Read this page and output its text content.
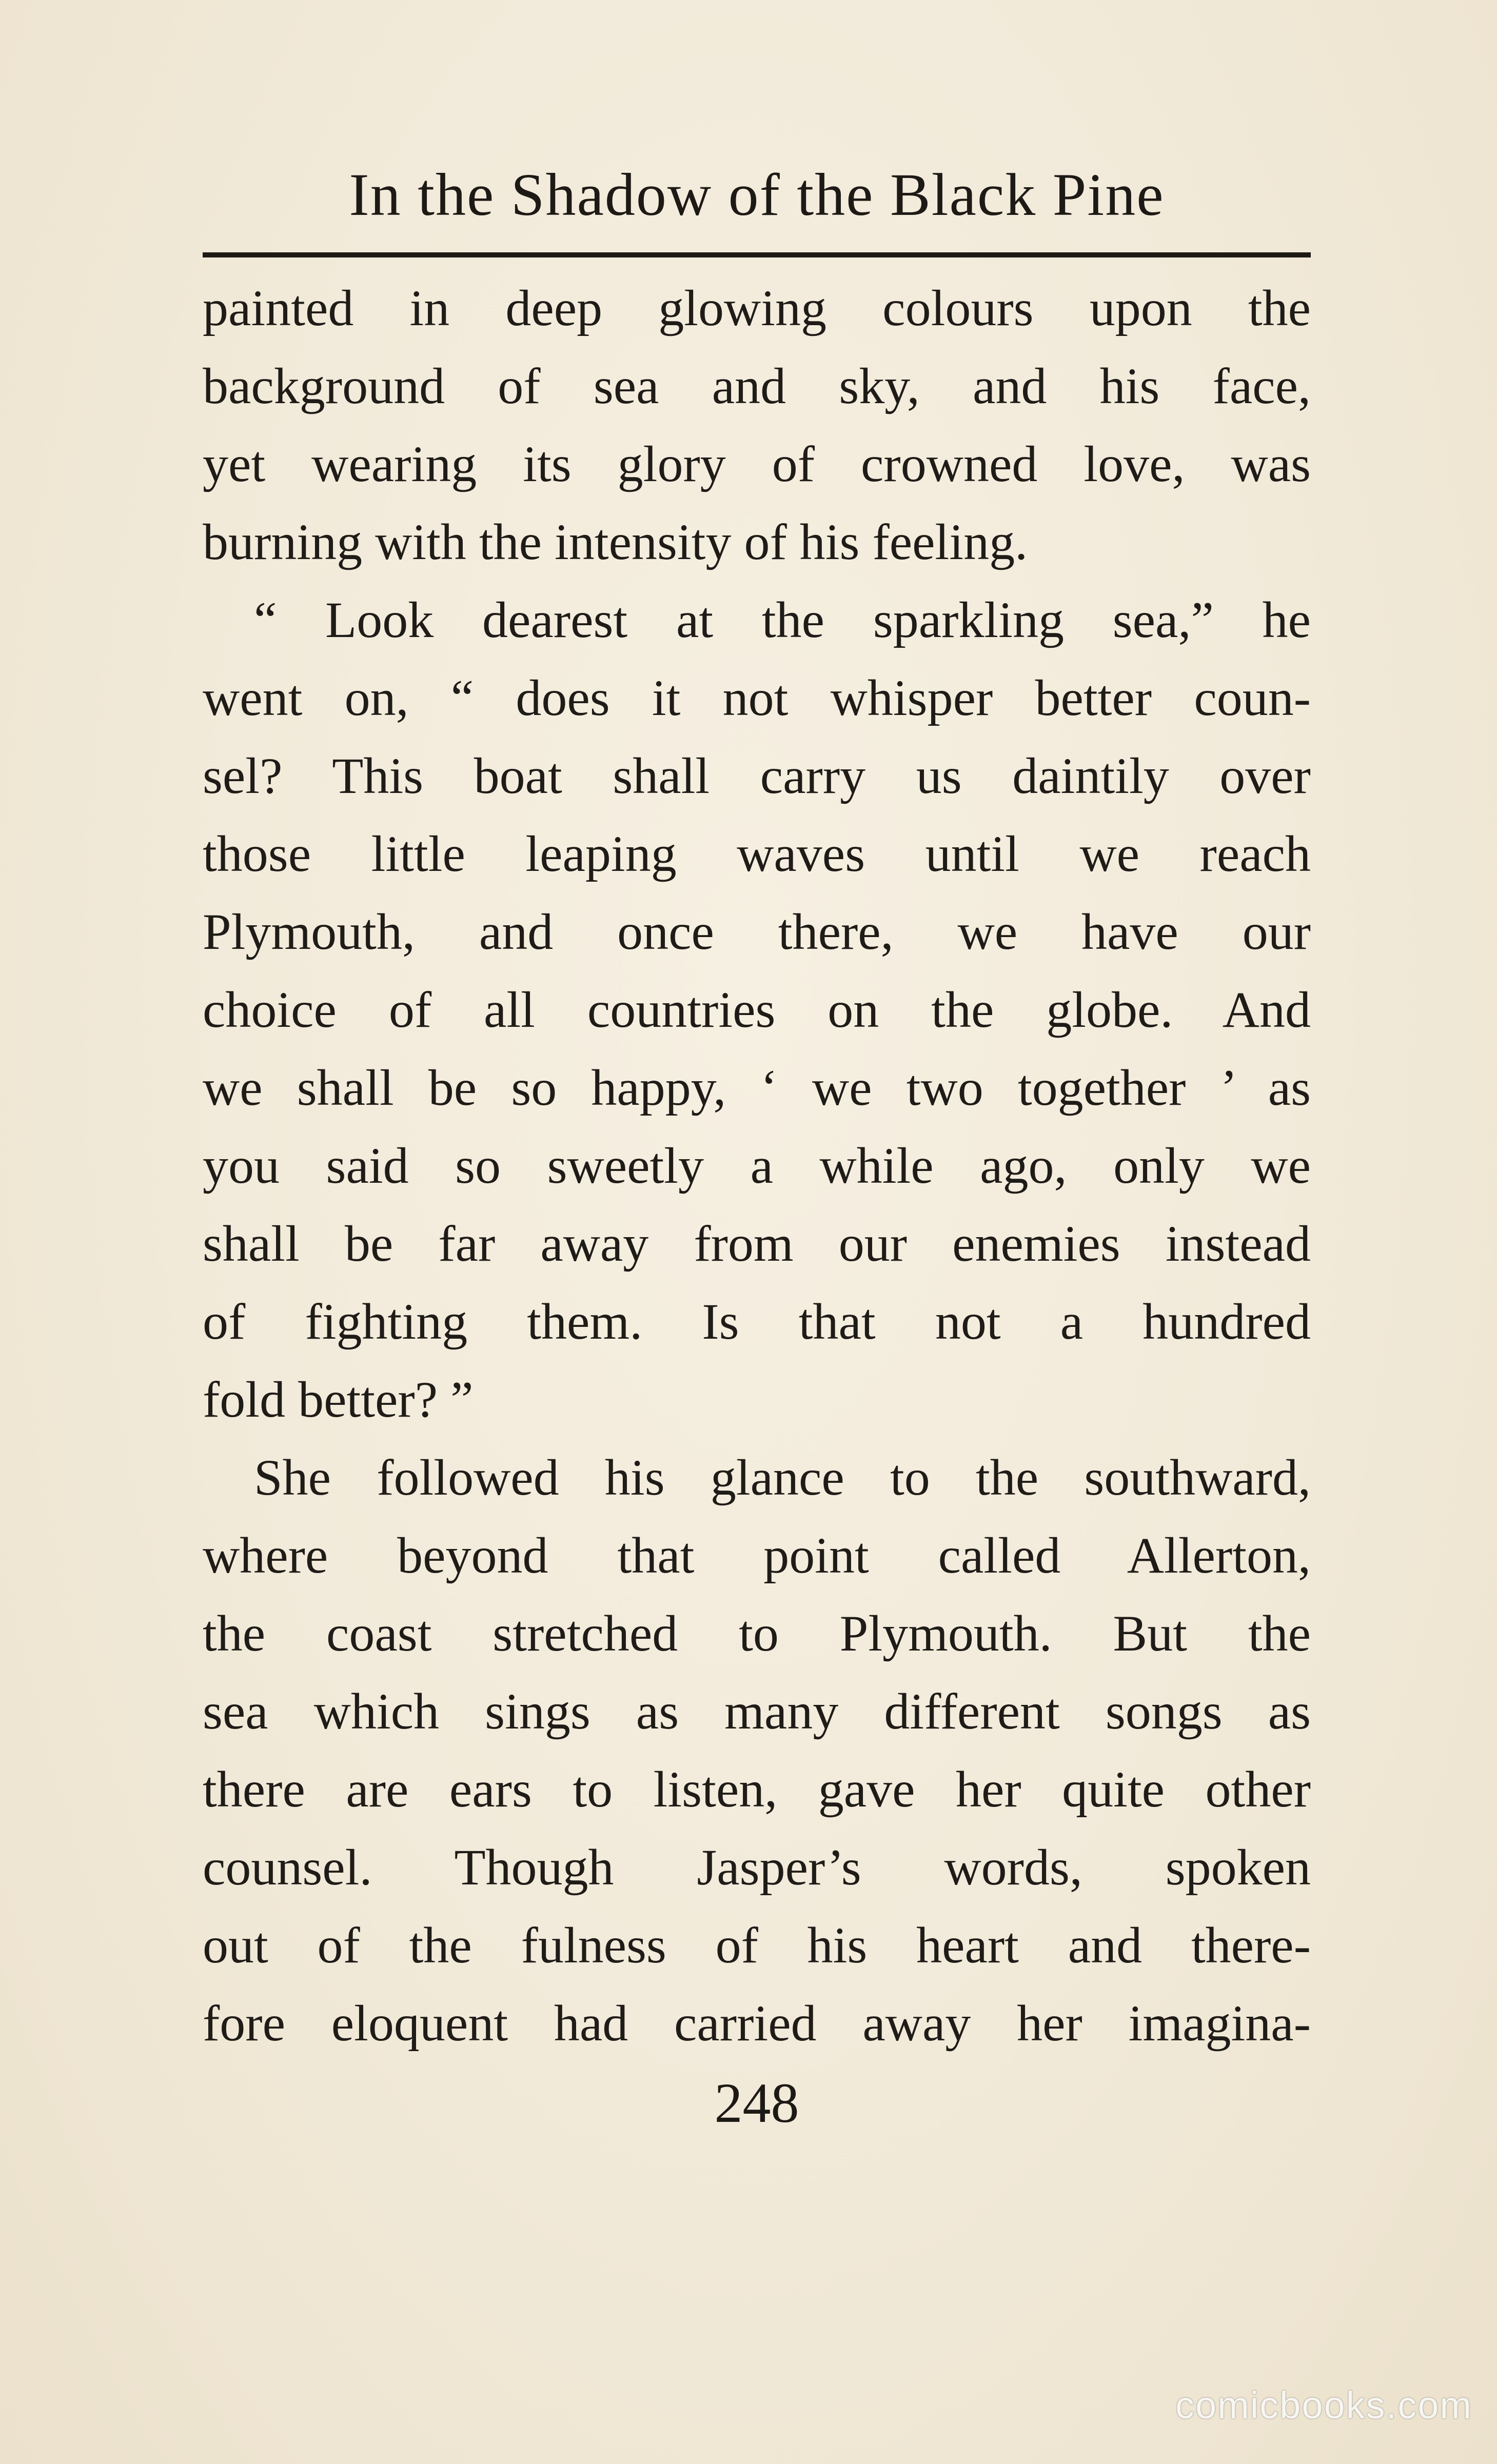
In the Shadow of the Black Pine
painted in deep glowing colours upon the
background of sea and sky, and his face,
yet wearing its glory of crowned love, was
burning with the intensity of his feeling.
“ Look dearest at the sparkling sea,” he
went on, “ does it not whisper better coun-
sel? This boat shall carry us daintily over
those little leaping waves until we reach
Plymouth, and once there, we have our
choice of all countries on the globe. And
we shall be so happy, ‘ we two together ’ as
you said so sweetly a while ago, only we
shall be far away from our enemies instead
of fighting them. Is that not a hundred
fold better? ”
She followed his glance to the southward,
where beyond that point called Allerton,
the coast stretched to Plymouth. But the
sea which sings as many different songs as
there are ears to listen, gave her quite other
counsel. Though Jasper’s words, spoken
out of the fulness of his heart and there-
fore eloquent had carried away her imagina-
248
comicbooks.com
